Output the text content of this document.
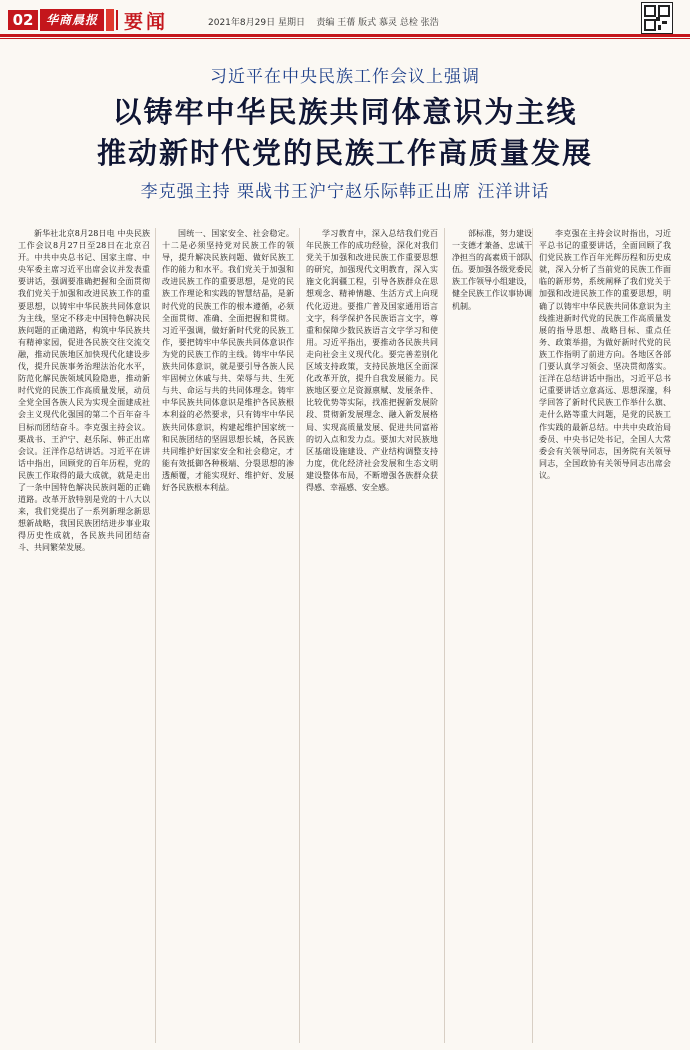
02	华商晨报	要闻	2021年8月29日 星期日 责编 王蒨 版式 慕灵 总检 张浩
习近平在中央民族工作会议上强调
以铸牢中华民族共同体意识为主线
推动新时代党的民族工作高质量发展
李克强主持 栗战书王沪宁赵乐际韩正出席 汪洋讲话

新华社北京8月28日电 中央民族工作会议8月27日至28日在北京召开。中共中央总书记、国家主席、中央军委主席习近平出席会议并发表重要讲话，强调要准确把握和全面贯彻我们党关于加强和改进民族工作的重要思想，以铸牢中华民族共同体意识为主线，坚定不移走中国特色解决民族问题的正确道路，构筑中华民族共有精神家园，促进各民族交往交流交融，推动民族地区加快现代化建设步伐，提升民族事务治理法治化水平，防范化解民族领域风险隐患，推动新时代党的民族工作高质量发展，动员全党全国各族人民为实现全面建成社会主义现代化强国的第二个百年奋斗目标而团结奋斗。李克强主持会议。栗战书、王沪宁、赵乐际、韩正出席会议。汪洋作总结讲话。习近平在讲话中指出，回顾党的百年历程，党的民族工作取得的最大成就，就是走出了一条中国特色解决民族问题的正确道路。改革开放特别是党的十八大以来，我们党提出了一系列新理念新思想新战略，我国民族团结进步事业取得历史性成就，各民族共同团结奋斗、共同繁荣发展。

国统一、国家安全、社会稳定。十二是必须坚持党对民族工作的领导，提升解决民族问题、做好民族工作的能力和水平。我们党关于加强和改进民族工作的重要思想，是党的民族工作理论和实践的智慧结晶，是新时代党的民族工作的根本遵循，必须全面贯彻、准确、全面把握和贯彻。习近平强调，做好新时代党的民族工作，要把铸牢中华民族共同体意识作为党的民族工作的主线。铸牢中华民族共同体意识，就是要引导各族人民牢固树立休戚与共、荣辱与共、生死与共、命运与共的共同体理念。铸牢中华民族共同体意识是维护各民族根本利益的必然要求，只有铸牢中华民族共同体意识，构建起维护国家统一和民族团结的坚固思想长城，各民族共同维护好国家安全和社会稳定，才能有效抵御各种极端、分裂思想的渗透颠覆，才能实现好、维护好、发展好各民族根本利益。

学习教育中，深入总结我们党百年民族工作的成功经验，深化对我们党关于加强和改进民族工作重要思想的研究，加强现代文明教育，深入实施文化润疆工程，引导各族群众在思想观念、精神情趣、生活方式上向现代化迈进。要推广普及国家通用语言文字，科学保护各民族语言文字，尊重和保障少数民族语言文字学习和使用。习近平指出，要推动各民族共同走向社会主义现代化。要完善差别化区域支持政策，支持民族地区全面深化改革开放，提升自我发展能力。民族地区要立足资源禀赋、发展条件、比较优势等实际，找准把握新发展阶段、贯彻新发展理念、融入新发展格局、实现高质量发展、促进共同富裕的切入点和发力点。要加大对民族地区基础设施建设、产业结构调整支持力度，优化经济社会发展和生态文明建设整体布局，不断增强各族群众获得感、幸福感、安全感。

部标准，努力建设一支德才兼备、忠诚干净担当的高素质干部队伍。要加强各级党委民族工作领导小组建设，健全民族工作议事协调机制。

李克强在主持会议时指出，习近平总书记的重要讲话，全面回顾了我们党民族工作百年光辉历程和历史成就，深入分析了当前党的民族工作面临的新形势，系统阐释了我们党关于加强和改进民族工作的重要思想，明确了以铸牢中华民族共同体意识为主线推进新时代党的民族工作高质量发展的指导思想、战略目标、重点任务、政策举措，为做好新时代党的民族工作指明了前进方向。各地区各部门要认真学习领会、坚决贯彻落实。汪洋在总结讲话中指出，习近平总书记重要讲话立意高远、思想深邃，科学回答了新时代民族工作举什么旗、走什么路等重大问题，是党的民族工作实践的最新总结。中共中央政治局委员、中央书记处书记，全国人大常委会有关领导同志，国务院有关领导同志，全国政协有关领导同志出席会议。
